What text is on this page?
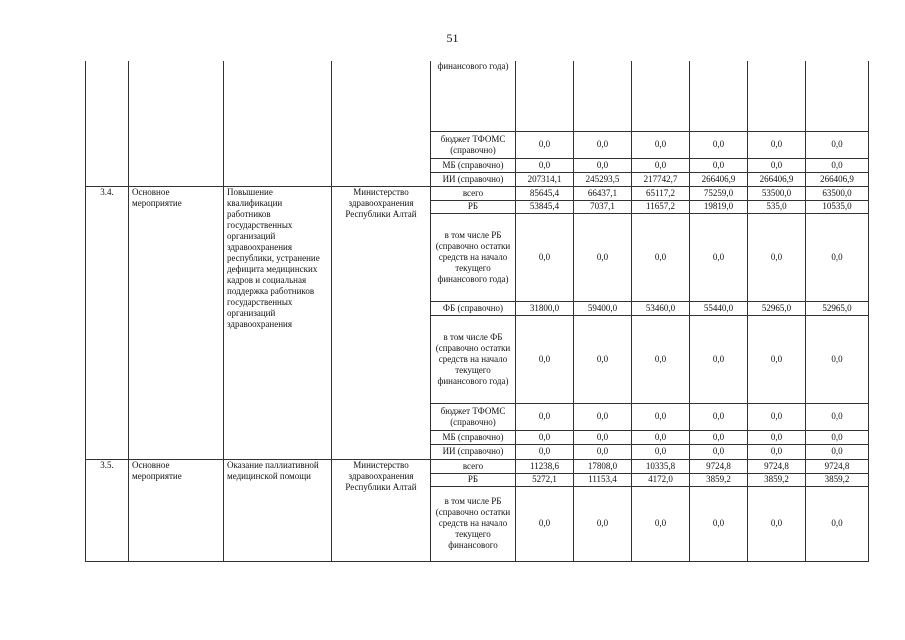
51
				финансового года)						
				бюджет ТФОМС (справочно)	0,0	0,0	0,0	0,0	0,0	0,0
				МБ (справочно)	0,0	0,0	0,0	0,0	0,0	0,0
				ИИ (справочно)	207314,1	245293,5	217742,7	266406,9	266406,9	266406,9
3.4.	Основное мероприятие	Повышение квалификации работников государственных организаций здравоохранения республики, устранение дефицита медицинских кадров и социальная поддержка работников государственных организаций здравоохранения	Министерство здравоохранения Республики Алтай	всего	85645,4	66437,1	65117,2	75259,0	53500,0	63500,0
				РБ	53845,4	7037,1	11657,2	19819,0	535,0	10535,0
				в том числе РБ (справочно остатки средств на начало текущего финансового года)	0,0	0,0	0,0	0,0	0,0	0,0
				ФБ (справочно)	31800,0	59400,0	53460,0	55440,0	52965,0	52965,0
				в том числе ФБ (справочно остатки средств на начало текущего финансового года)	0,0	0,0	0,0	0,0	0,0	0,0
				бюджет ТФОМС (справочно)	0,0	0,0	0,0	0,0	0,0	0,0
				МБ (справочно)	0,0	0,0	0,0	0,0	0,0	0,0
				ИИ (справочно)	0,0	0,0	0,0	0,0	0,0	0,0
3.5.	Основное мероприятие	Оказание паллиативной медицинской помощи	Министерство здравоохранения Республики Алтай	всего	11238,6	17808,0	10335,8	9724,8	9724,8	9724,8
				РБ	5272,1	11153,4	4172,0	3859,2	3859,2	3859,2
				в том числе РБ (справочно остатки средств на начало текущего финансового	0,0	0,0	0,0	0,0	0,0	0,0
